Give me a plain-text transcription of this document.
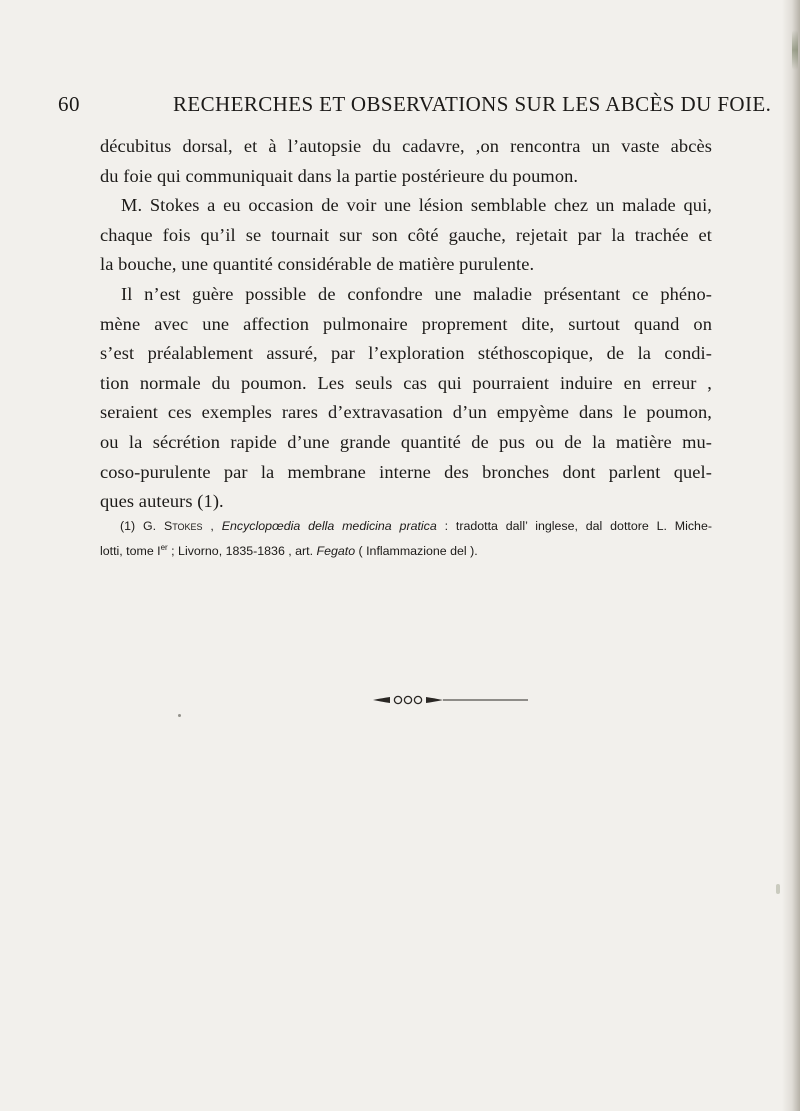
60	RECHERCHES ET OBSERVATIONS SUR LES ABCÈS DU FOIE.
décubitus dorsal, et à l’autopsie du cadavre, ,on rencontra un vaste abcès
du foie qui communiquait dans la partie postérieure du poumon.
M. Stokes a eu occasion de voir une lésion semblable chez un malade qui,
chaque fois qu’il se tournait sur son côté gauche, rejetait par la trachée et
la bouche, une quantité considérable de matière purulente.
Il n’est guère possible de confondre une maladie présentant ce phéno-
mène avec une affection pulmonaire proprement dite, surtout quand on
s’est préalablement assuré, par l’exploration stéthoscopique, de la condi-
tion normale du poumon. Les seuls cas qui pourraient induire en erreur ,
seraient ces exemples rares d’extravasation d’un empyème dans le poumon,
ou la sécrétion rapide d’une grande quantité de pus ou de la matière mu-
coso-purulente par la membrane interne des bronches dont parlent quel-
ques auteurs (1).
(1) G. Stokes , Encyclopœdia della medicina pratica : tradotta dall’ inglese, dal dottore L. Miche-
lotti, tome Ier ; Livorno, 1835-1836 , art. Fegato ( Inflammazione del ).
